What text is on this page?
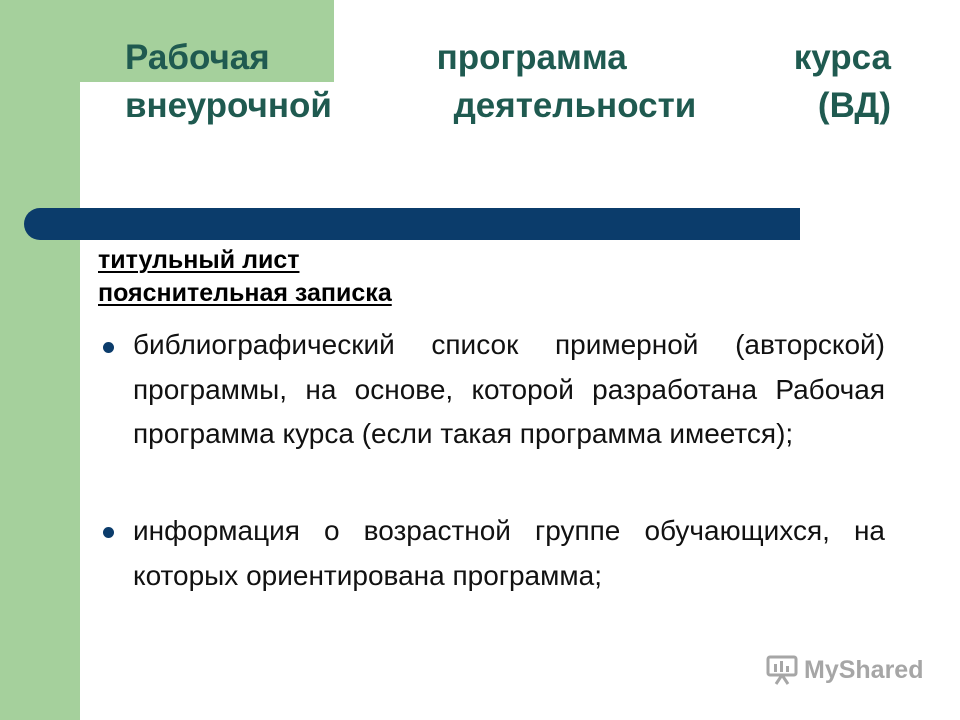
Рабочая	программа	курса
внеурочной	деятельности	(ВД)
титульный лист
пояснительная записка
библиографический список примерной (авторской) программы, на основе, которой разработана Рабочая программа курса (если такая программа имеется);
информация о возрастной группе обучающихся, на которых ориентирована программа;
MyShared
